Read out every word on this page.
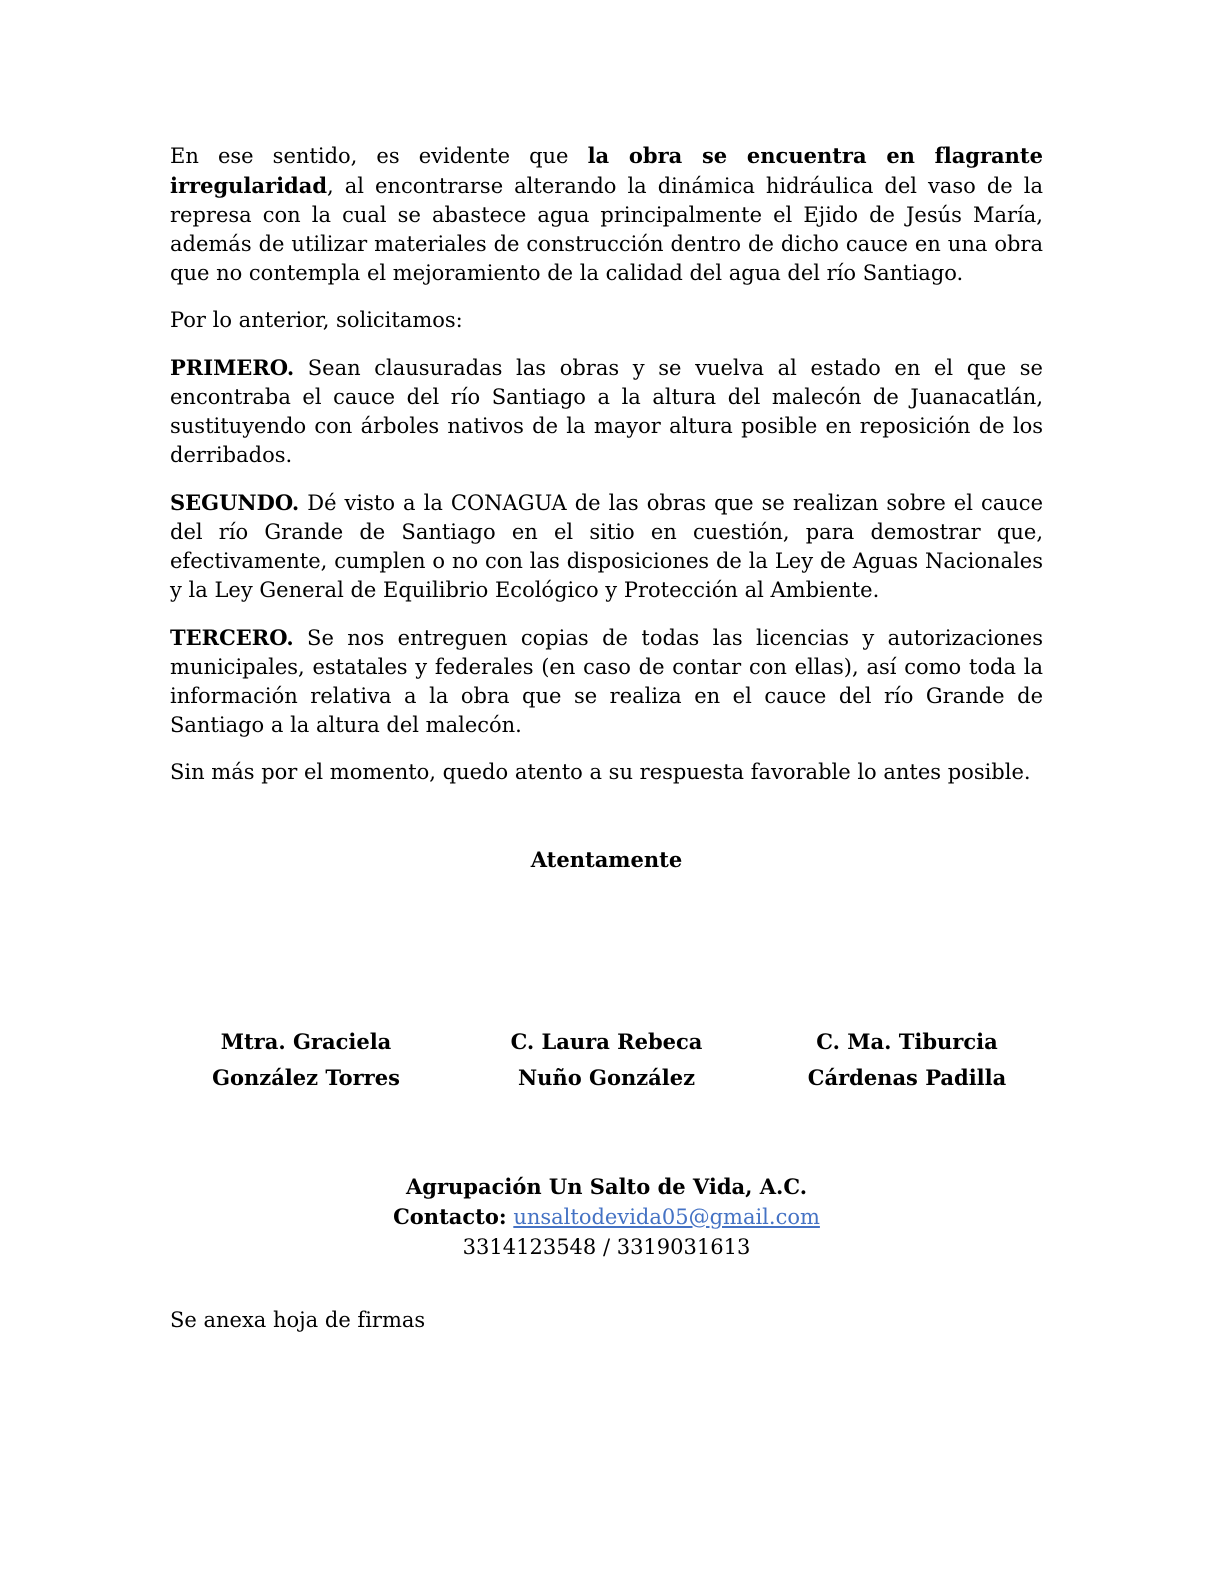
En ese sentido, es evidente que la obra se encuentra en flagrante irregularidad, al encontrarse alterando la dinámica hidráulica del vaso de la represa con la cual se abastece agua principalmente el Ejido de Jesús María, además de utilizar materiales de construcción dentro de dicho cauce en una obra que no contempla el mejoramiento de la calidad del agua del río Santiago.

Por lo anterior, solicitamos:

PRIMERO. Sean clausuradas las obras y se vuelva al estado en el que se encontraba el cauce del río Santiago a la altura del malecón de Juanacatlán, sustituyendo con árboles nativos de la mayor altura posible en reposición de los derribados.

SEGUNDO. Dé visto a la CONAGUA de las obras que se realizan sobre el cauce del río Grande de Santiago en el sitio en cuestión, para demostrar que, efectivamente, cumplen o no con las disposiciones de la Ley de Aguas Nacionales y la Ley General de Equilibrio Ecológico y Protección al Ambiente.

TERCERO. Se nos entreguen copias de todas las licencias y autorizaciones municipales, estatales y federales (en caso de contar con ellas), así como toda la información relativa a la obra que se realiza en el cauce del río Grande de Santiago a la altura del malecón.

Sin más por el momento, quedo atento a su respuesta favorable lo antes posible.

Atentamente
Mtra. Graciela
González Torres
C. Laura Rebeca
Nuño González
C. Ma. Tiburcia
Cárdenas Padilla
Agrupación Un Salto de Vida, A.C.
Contacto: unsaltodevida05@gmail.com
3314123548 / 3319031613
Se anexa hoja de firmas
